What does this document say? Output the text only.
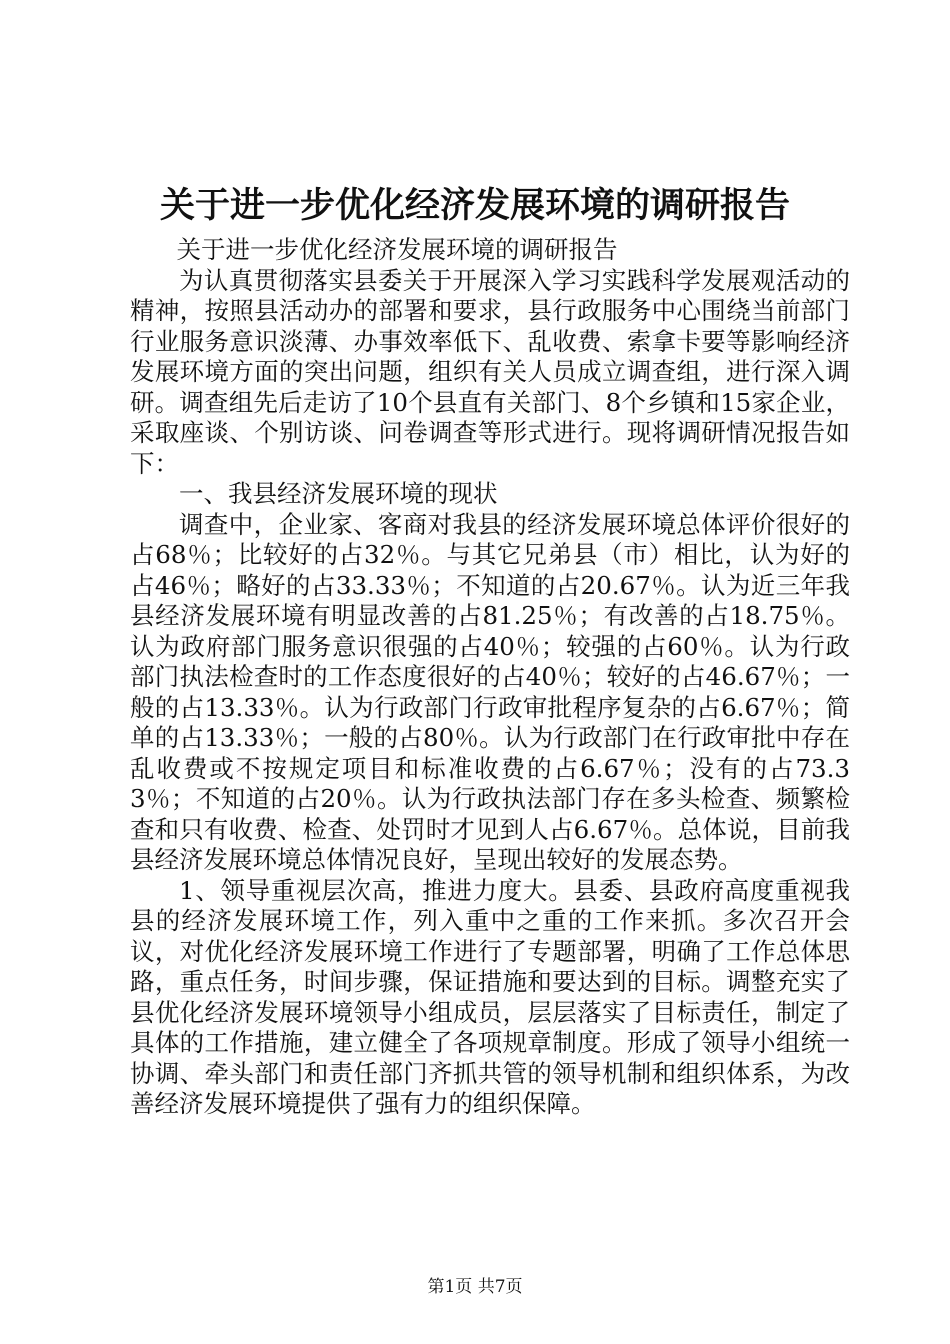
关于进一步优化经济发展环境的调研报告

关于进一步优化经济发展环境的调研报告

为认真贯彻落实县委关于开展深入学习实践科学发展观活动的精神，按照县活动办的部署和要求，县行政服务中心围绕当前部门行业服务意识淡薄、办事效率低下、乱收费、索拿卡要等影响经济发展环境方面的突出问题，组织有关人员成立调查组，进行深入调研。调查组先后走访了10个县直有关部门、8个乡镇和15家企业，采取座谈、个别访谈、问卷调查等形式进行。现将调研情况报告如下：

一、我县经济发展环境的现状

调查中，企业家、客商对我县的经济发展环境总体评价很好的占68％；比较好的占32％。与其它兄弟县（市）相比，认为好的占46％；略好的占33.33％；不知道的占20.67％。认为近三年我县经济发展环境有明显改善的占81.25％；有改善的占18.75％。认为政府部门服务意识很强的占40％；较强的占60％。认为行政部门执法检查时的工作态度很好的占40％；较好的占46.67％；一般的占13.33％。认为行政部门行政审批程序复杂的占6.67％；简单的占13.33％；一般的占80％。认为行政部门在行政审批中存在乱收费或不按规定项目和标准收费的占6.67％；没有的占73.33％；不知道的占20％。认为行政执法部门存在多头检查、频繁检查和只有收费、检查、处罚时才见到人占6.67％。总体说，目前我县经济发展环境总体情况良好，呈现出较好的发展态势。

1、领导重视层次高，推进力度大。县委、县政府高度重视我县的经济发展环境工作，列入重中之重的工作来抓。多次召开会议，对优化经济发展环境工作进行了专题部署，明确了工作总体思路，重点任务，时间步骤，保证措施和要达到的目标。调整充实了县优化经济发展环境领导小组成员，层层落实了目标责任，制定了具体的工作措施，建立健全了各项规章制度。形成了领导小组统一协调、牵头部门和责任部门齐抓共管的领导机制和组织体系，为改善经济发展环境提供了强有力的组织保障。

第1页 共7页
